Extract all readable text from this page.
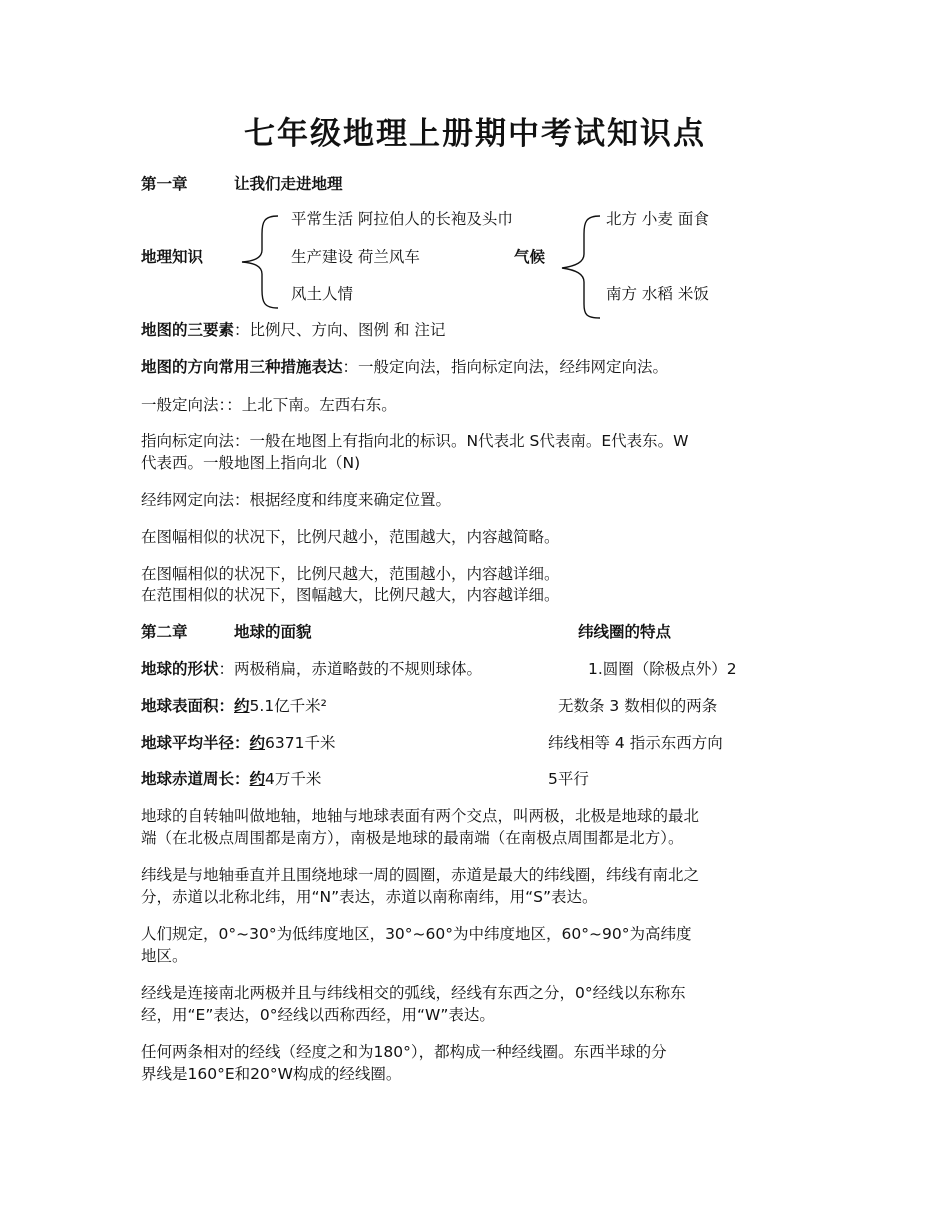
七年级地理上册期中考试知识点
第一章	让我们走进地理
地理知识
平常生活 阿拉伯人的长袍及头巾
生产建设 荷兰风车
风土人情
气候
北方 小麦 面食
南方 水稻 米饭
地图的三要素：比例尺、方向、图例 和 注记
地图的方向常用三种措施表达：一般定向法，指向标定向法，经纬网定向法。
一般定向法：：上北下南。左西右东。
指向标定向法：一般在地图上有指向北的标识。N代表北 S代表南。E代表东。W
代表西。一般地图上指向北（N)
经纬网定向法：根据经度和纬度来确定位置。
在图幅相似的状况下，比例尺越小，范围越大，内容越简略。
在图幅相似的状况下，比例尺越大，范围越小，内容越详细。
在范围相似的状况下，图幅越大，比例尺越大，内容越详细。
第二章	地球的面貌	纬线圈的特点
地球的形状：两极稍扁，赤道略鼓的不规则球体。	1.圆圈（除极点外）2
地球表面积：约5.1亿千米²	无数条 3 数相似的两条
地球平均半径：约6371千米	纬线相等 4 指示东西方向
地球赤道周长：约4万千米	5平行
地球的自转轴叫做地轴，地轴与地球表面有两个交点，叫两极，北极是地球的最北
端（在北极点周围都是南方），南极是地球的最南端（在南极点周围都是北方）。
纬线是与地轴垂直并且围绕地球一周的圆圈，赤道是最大的纬线圈，纬线有南北之
分，赤道以北称北纬，用“N”表达，赤道以南称南纬，用“S”表达。
人们规定，0°~30°为低纬度地区，30°~60°为中纬度地区，60°~90°为高纬度
地区。
经线是连接南北两极并且与纬线相交的弧线，经线有东西之分，0°经线以东称东
经，用“E”表达，0°经线以西称西经，用“W”表达。
任何两条相对的经线（经度之和为180°），都构成一种经线圈。东西半球的分
界线是160°E和20°W构成的经线圈。
